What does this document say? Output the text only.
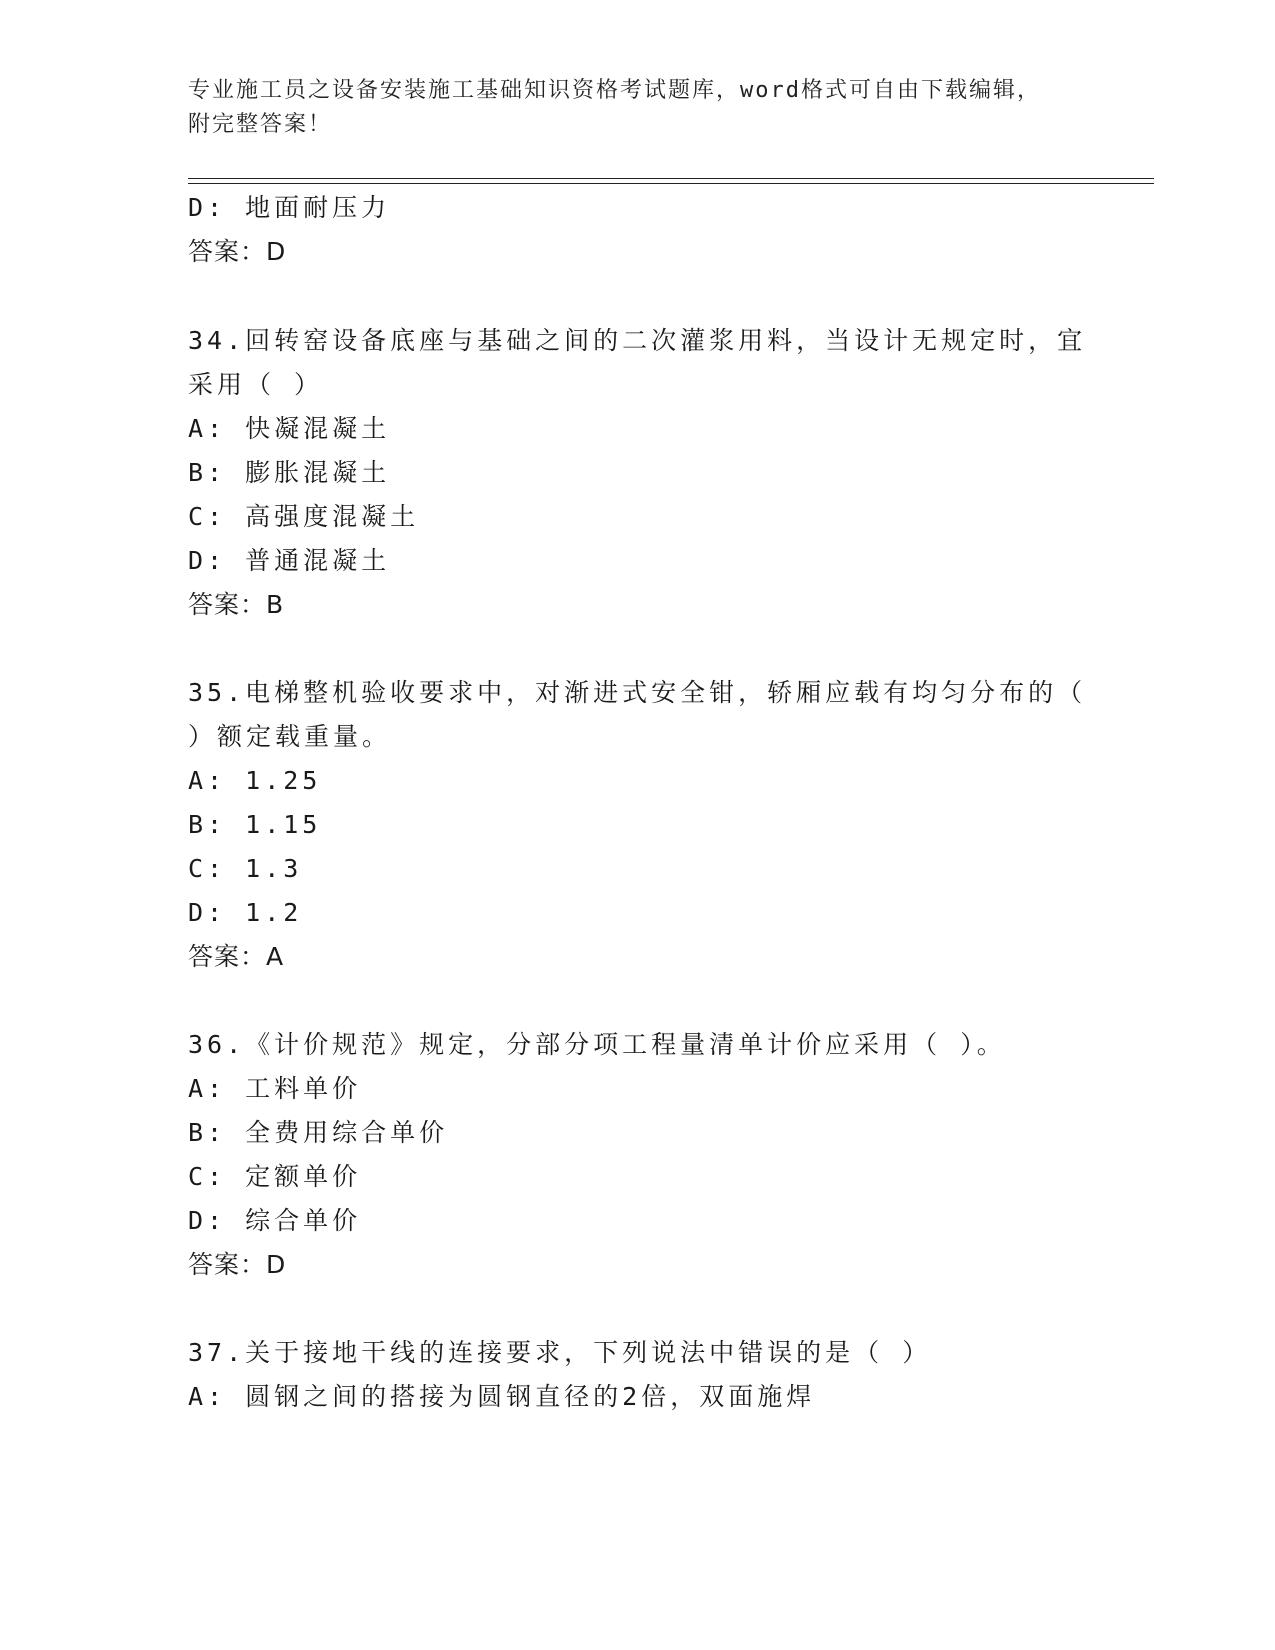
专业施工员之设备安装施工基础知识资格考试题库，word格式可自由下载编辑，
附完整答案！
D: 地面耐压力
答案：D
34.回转窑设备底座与基础之间的二次灌浆用料，当设计无规定时，宜
采用（ ）
A: 快凝混凝土
B: 膨胀混凝土
C: 高强度混凝土
D: 普通混凝土
答案：B
35.电梯整机验收要求中，对渐进式安全钳，轿厢应载有均匀分布的（
）额定载重量。
A: 1.25
B: 1.15
C: 1.3
D: 1.2
答案：A
36.《计价规范》规定，分部分项工程量清单计价应采用（ ）。
A: 工料单价
B: 全费用综合单价
C: 定额单价
D: 综合单价
答案：D
37.关于接地干线的连接要求，下列说法中错误的是（ ）
A: 圆钢之间的搭接为圆钢直径的2倍，双面施焊
